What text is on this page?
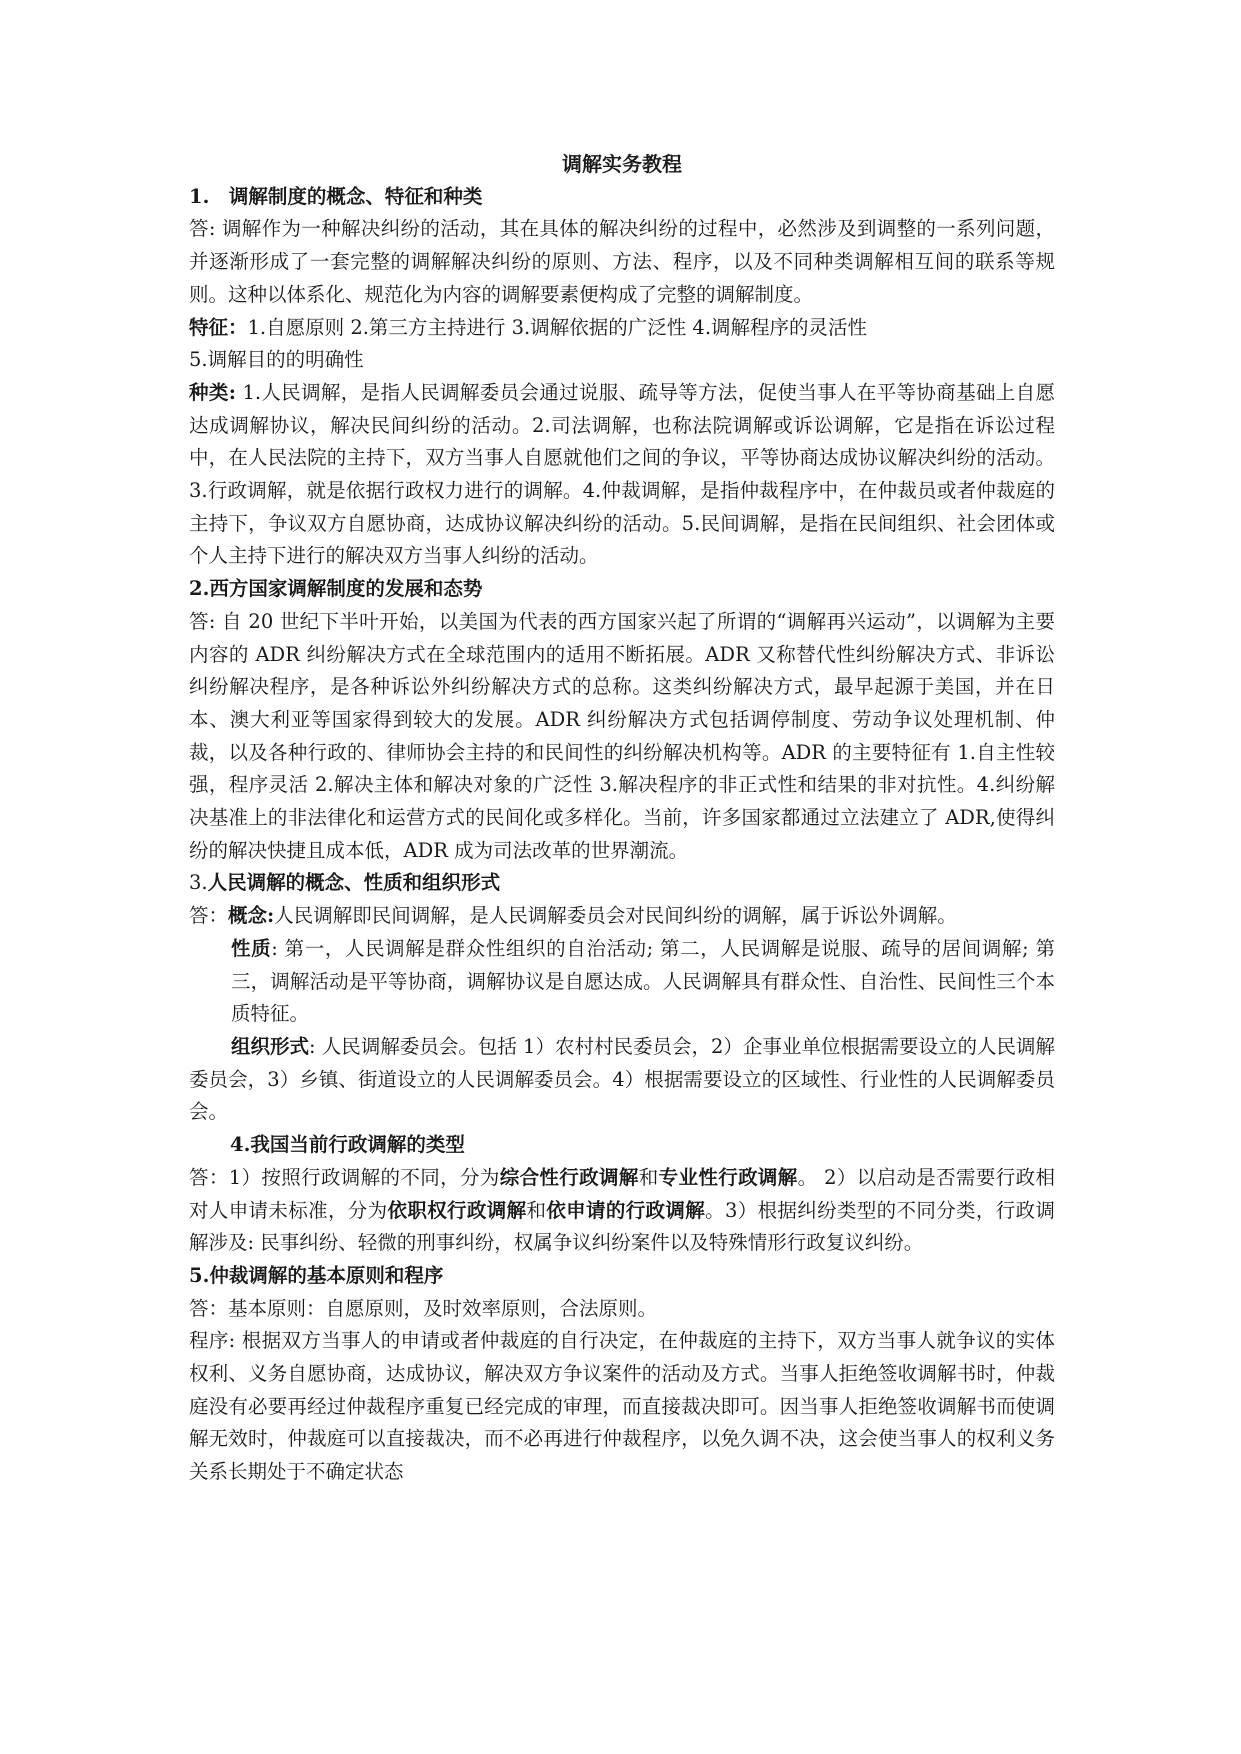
调解实务教程

1.　调解制度的概念、特征和种类

答: 调解作为一种解决纠纷的活动，其在具体的解决纠纷的过程中，必然涉及到调整的一系列问题，并逐渐形成了一套完整的调解解决纠纷的原则、方法、程序，以及不同种类调解相互间的联系等规则。这种以体系化、规范化为内容的调解要素便构成了完整的调解制度。

特征：1.自愿原则 2.第三方主持进行 3.调解依据的广泛性 4.调解程序的灵活性

5.调解目的的明确性

种类: 1.人民调解，是指人民调解委员会通过说服、疏导等方法，促使当事人在平等协商基础上自愿达成调解协议，解决民间纠纷的活动。2.司法调解，也称法院调解或诉讼调解，它是指在诉讼过程中，在人民法院的主持下，双方当事人自愿就他们之间的争议，平等协商达成协议解决纠纷的活动。3.行政调解，就是依据行政权力进行的调解。4.仲裁调解，是指仲裁程序中，在仲裁员或者仲裁庭的主持下，争议双方自愿协商，达成协议解决纠纷的活动。5.民间调解，是指在民间组织、社会团体或个人主持下进行的解决双方当事人纠纷的活动。

2.西方国家调解制度的发展和态势

答: 自 20 世纪下半叶开始，以美国为代表的西方国家兴起了所谓的“调解再兴运动”，以调解为主要内容的 ADR 纠纷解决方式在全球范围内的适用不断拓展。ADR 又称替代性纠纷解决方式、非诉讼纠纷解决程序，是各种诉讼外纠纷解决方式的总称。这类纠纷解决方式，最早起源于美国，并在日本、澳大利亚等国家得到较大的发展。ADR 纠纷解决方式包括调停制度、劳动争议处理机制、仲裁，以及各种行政的、律师协会主持的和民间性的纠纷解决机构等。ADR 的主要特征有 1.自主性较强，程序灵活 2.解决主体和解决对象的广泛性 3.解决程序的非正式性和结果的非对抗性。4.纠纷解决基准上的非法律化和运营方式的民间化或多样化。当前，许多国家都通过立法建立了 ADR,使得纠纷的解决快捷且成本低，ADR 成为司法改革的世界潮流。

3.人民调解的概念、性质和组织形式

答：概念:人民调解即民间调解，是人民调解委员会对民间纠纷的调解，属于诉讼外调解。

性质: 第一，人民调解是群众性组织的自治活动; 第二，人民调解是说服、疏导的居间调解; 第三，调解活动是平等协商，调解协议是自愿达成。人民调解具有群众性、自治性、民间性三个本质特征。

组织形式: 人民调解委员会。包括 1）农村村民委员会，2）企事业单位根据需要设立的人民调解委员会，3）乡镇、街道设立的人民调解委员会。4）根据需要设立的区域性、行业性的人民调解委员会。

4.我国当前行政调解的类型

答：1）按照行政调解的不同，分为综合性行政调解和专业性行政调解。 2）以启动是否需要行政相对人申请未标准，分为依职权行政调解和依申请的行政调解。3）根据纠纷类型的不同分类，行政调解涉及: 民事纠纷、轻微的刑事纠纷，权属争议纠纷案件以及特殊情形行政复议纠纷。

5.仲裁调解的基本原则和程序

答：基本原则：自愿原则，及时效率原则，合法原则。

程序: 根据双方当事人的申请或者仲裁庭的自行决定，在仲裁庭的主持下，双方当事人就争议的实体权利、义务自愿协商，达成协议，解决双方争议案件的活动及方式。当事人拒绝签收调解书时，仲裁庭没有必要再经过仲裁程序重复已经完成的审理，而直接裁决即可。因当事人拒绝签收调解书而使调解无效时，仲裁庭可以直接裁决，而不必再进行仲裁程序，以免久调不决，这会使当事人的权利义务关系长期处于不确定状态
